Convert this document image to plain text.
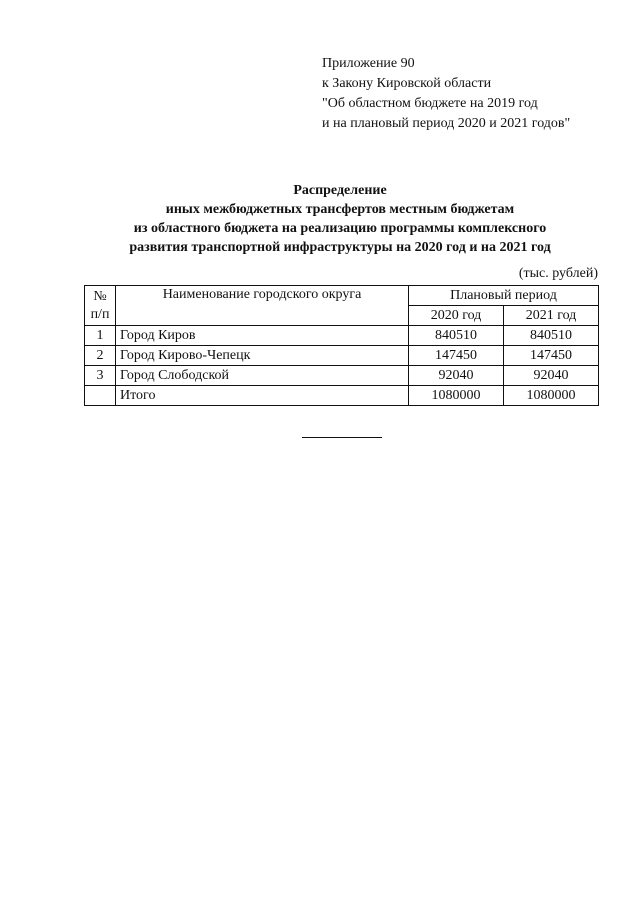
Приложение 90
к Закону Кировской области
"Об областном бюджете на 2019 год
и на плановый период 2020 и 2021 годов"
Распределение
иных межбюджетных трансфертов местным бюджетам
из областного бюджета на реализацию программы комплексного
развития транспортной инфраструктуры на 2020 год и на 2021 год
(тыс. рублей)
№
п/п	Наименование городского округа	Плановый период	
		2020 год	2021 год
1	Город Киров	840510	840510
2	Город Кирово-Чепецк	147450	147450
3	Город Слободской	92040	92040
	Итого	1080000	1080000
